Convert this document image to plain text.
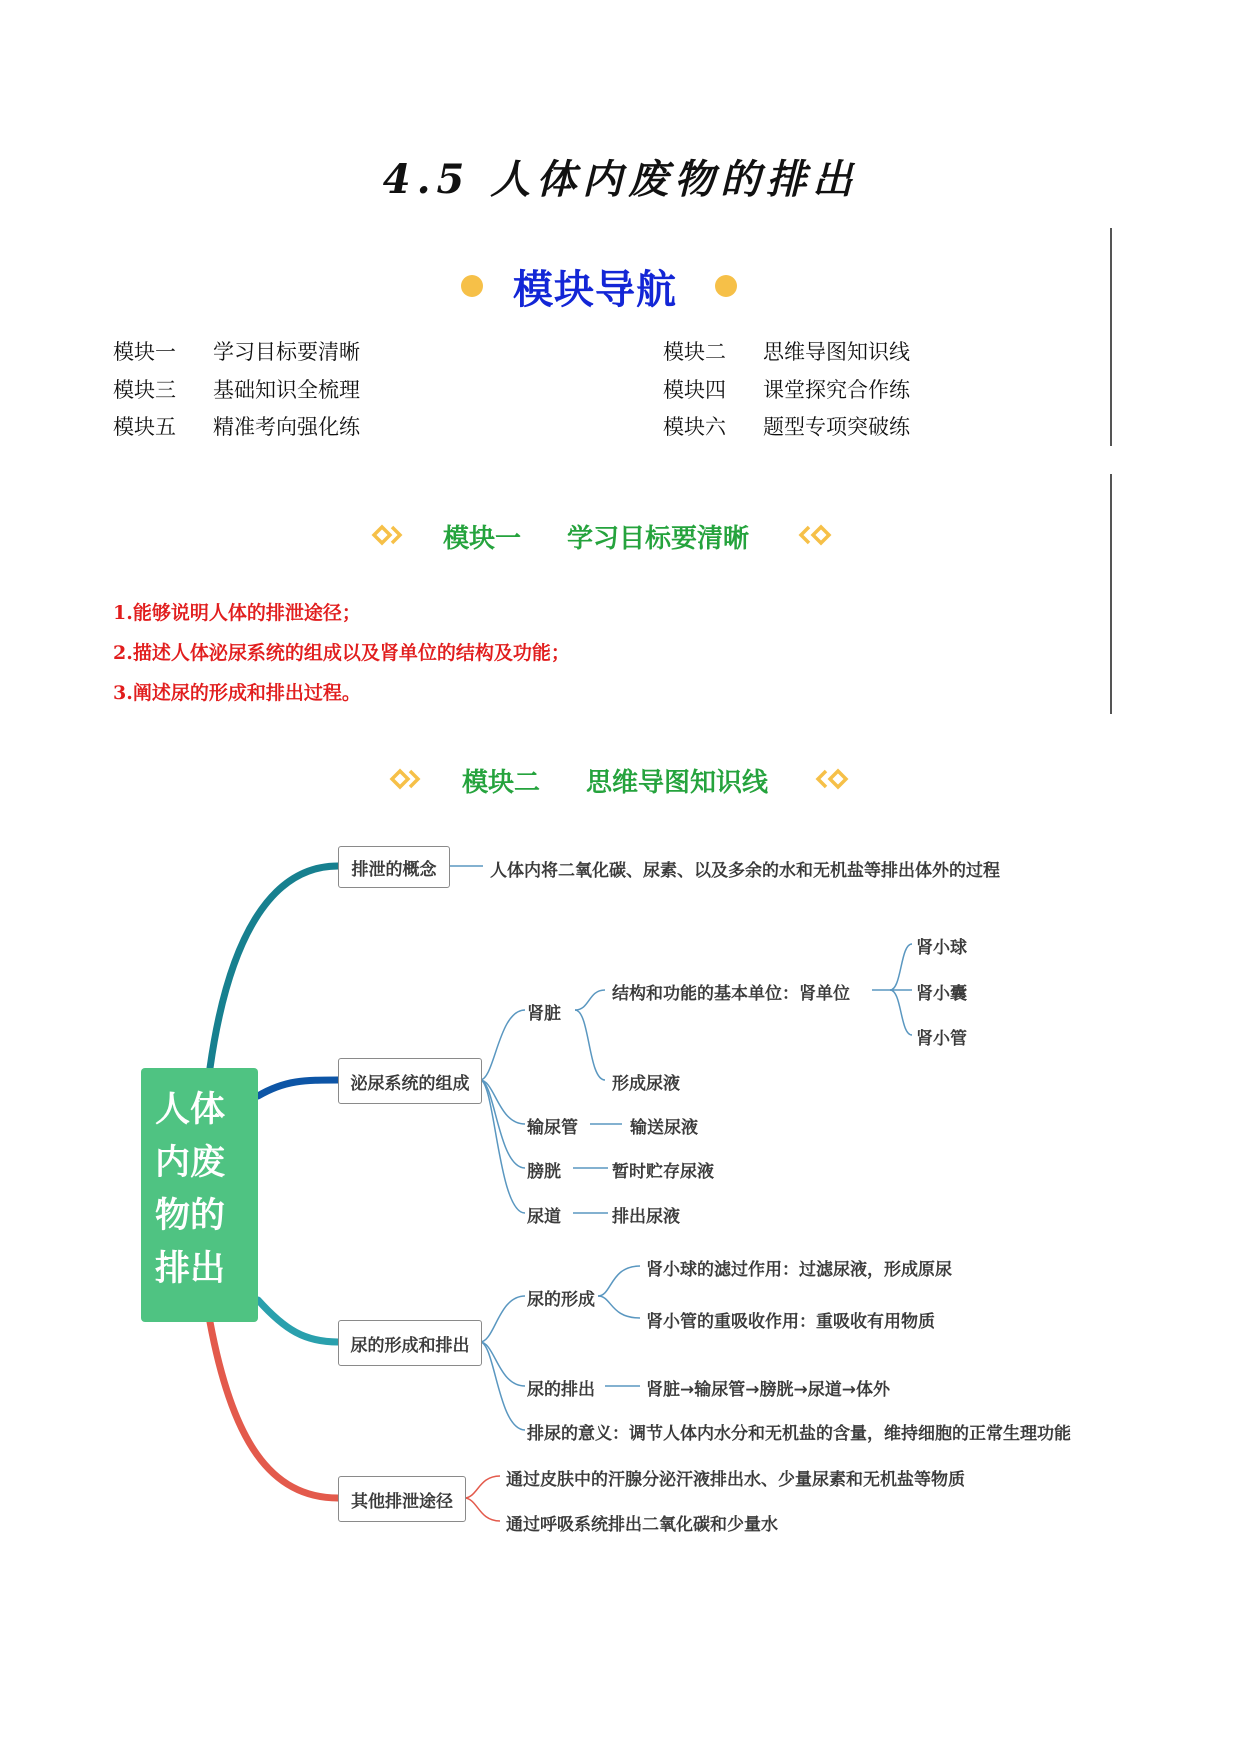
4.5 人体内废物的排出
模块导航
模块一 学习目标要清晰	模块二 思维导图知识线
模块三 基础知识全梳理	模块四 课堂探究合作练
模块五 精准考向强化练	模块六 题型专项突破练
模块一 学习目标要清晰
1.能够说明人体的排泄途径；
2.描述人体泌尿系统的组成以及肾单位的结构及功能；
3.阐述尿的形成和排出过程。
模块二 思维导图知识线
人体
内废
物的
排出
排泄的概念
泌尿系统的组成
尿的形成和排出
其他排泄途径
人体内将二氧化碳、尿素、以及多余的水和无机盐等排出体外的过程
肾脏
结构和功能的基本单位：肾单位
肾小球
肾小囊
肾小管
形成尿液
输尿管	输送尿液
膀胱	暂时贮存尿液
尿道	排出尿液
尿的形成
肾小球的滤过作用：过滤尿液，形成原尿
肾小管的重吸收作用：重吸收有用物质
尿的排出	肾脏→输尿管→膀胱→尿道→体外
排尿的意义：调节人体内水分和无机盐的含量，维持细胞的正常生理功能
通过皮肤中的汗腺分泌汗液排出水、少量尿素和无机盐等物质
通过呼吸系统排出二氧化碳和少量水
